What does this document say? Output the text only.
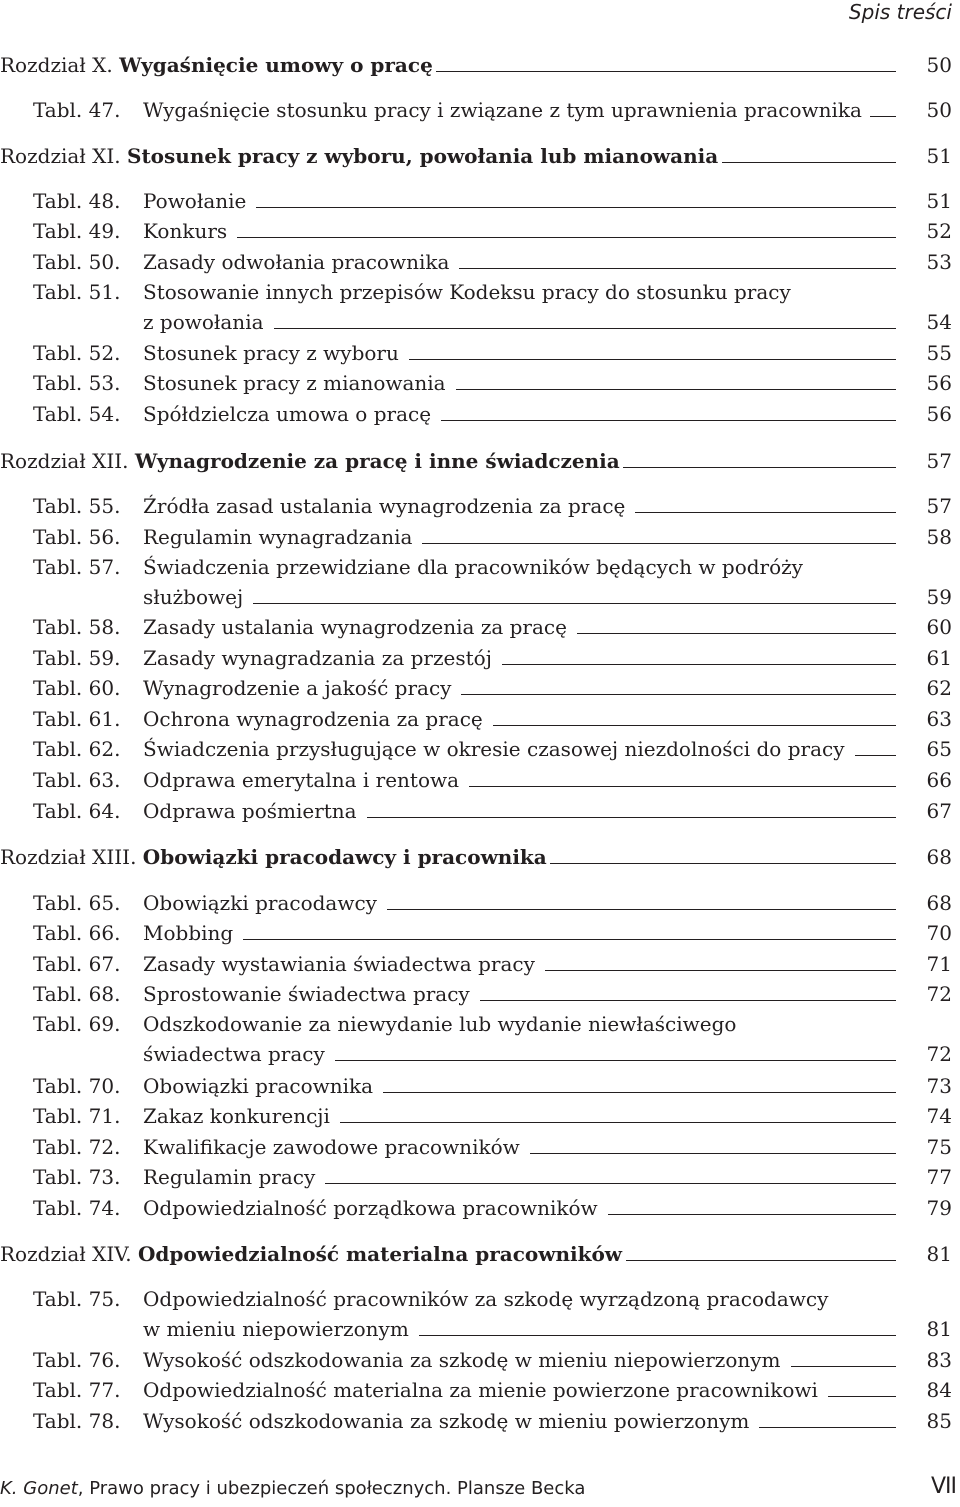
Spis treści
Rozdział X. Wygaśnięcie umowy o pracę	50
Tabl. 47. Wygaśnięcie stosunku pracy i związane z tym uprawnienia pracownika	50
Rozdział XI. Stosunek pracy z wyboru, powołania lub mianowania	51
Tabl. 48. Powołanie	51
Tabl. 49. Konkurs	52
Tabl. 50. Zasady odwołania pracownika	53
Tabl. 51. Stosowanie innych przepisów Kodeksu pracy do stosunku pracy
z powołania	54
Tabl. 52. Stosunek pracy z wyboru	55
Tabl. 53. Stosunek pracy z mianowania	56
Tabl. 54. Spółdzielcza umowa o pracę	56
Rozdział XII. Wynagrodzenie za pracę i inne świadczenia	57
Tabl. 55. Źródła zasad ustalania wynagrodzenia za pracę	57
Tabl. 56. Regulamin wynagradzania	58
Tabl. 57. Świadczenia przewidziane dla pracowników będących w podróży
służbowej	59
Tabl. 58. Zasady ustalania wynagrodzenia za pracę	60
Tabl. 59. Zasady wynagradzania za przestój	61
Tabl. 60. Wynagrodzenie a jakość pracy	62
Tabl. 61. Ochrona wynagrodzenia za pracę	63
Tabl. 62. Świadczenia przysługujące w okresie czasowej niezdolności do pracy	65
Tabl. 63. Odprawa emerytalna i rentowa	66
Tabl. 64. Odprawa pośmiertna	67
Rozdział XIII. Obowiązki pracodawcy i pracownika	68
Tabl. 65. Obowiązki pracodawcy	68
Tabl. 66. Mobbing	70
Tabl. 67. Zasady wystawiania świadectwa pracy	71
Tabl. 68. Sprostowanie świadectwa pracy	72
Tabl. 69. Odszkodowanie za niewydanie lub wydanie niewłaściwego
świadectwa pracy	72
Tabl. 70. Obowiązki pracownika	73
Tabl. 71. Zakaz konkurencji	74
Tabl. 72. Kwalifikacje zawodowe pracowników	75
Tabl. 73. Regulamin pracy	77
Tabl. 74. Odpowiedzialność porządkowa pracowników	79
Rozdział XIV. Odpowiedzialność materialna pracowników	81
Tabl. 75. Odpowiedzialność pracowników za szkodę wyrządzoną pracodawcy
w mieniu niepowierzonym	81
Tabl. 76. Wysokość odszkodowania za szkodę w mieniu niepowierzonym	83
Tabl. 77. Odpowiedzialność materialna za mienie powierzone pracownikowi	84
Tabl. 78. Wysokość odszkodowania za szkodę w mieniu powierzonym	85
K. Gonet, Prawo pracy i ubezpieczeń społecznych. Plansze Becka	VII
